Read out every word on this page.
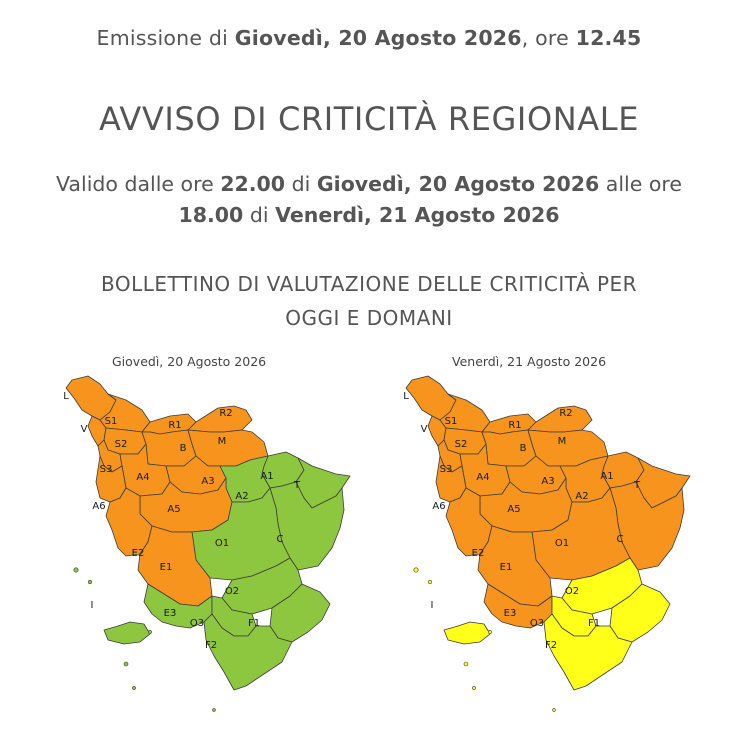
Emissione di Giovedì, 20 Agosto 2026, ore 12.45
AVVISO DI CRITICITÀ REGIONALE
Valido dalle ore 22.00 di Giovedì, 20 Agosto 2026 alle ore
18.00 di Venerdì, 21 Agosto 2026
BOLLETTINO DI VALUTAZIONE DELLE CRITICITÀ PER
OGGI E DOMANI
Giovedì, 20 Agosto 2026	Venerdì, 21 Agosto 2026
L
V
S1
S2
S3
R1
R2
B
M
A4	A3	A1
T
A2
A6	A5
C
O1
E2
E1
O2
E3
F1
O3
F2
I
L
V
S1
S2
S3
R1
R2
B
M
A4	A3	A1
T
A2
A6	A5
C
O1
E2
E1
O2
E3
F1
O3
F2
I
